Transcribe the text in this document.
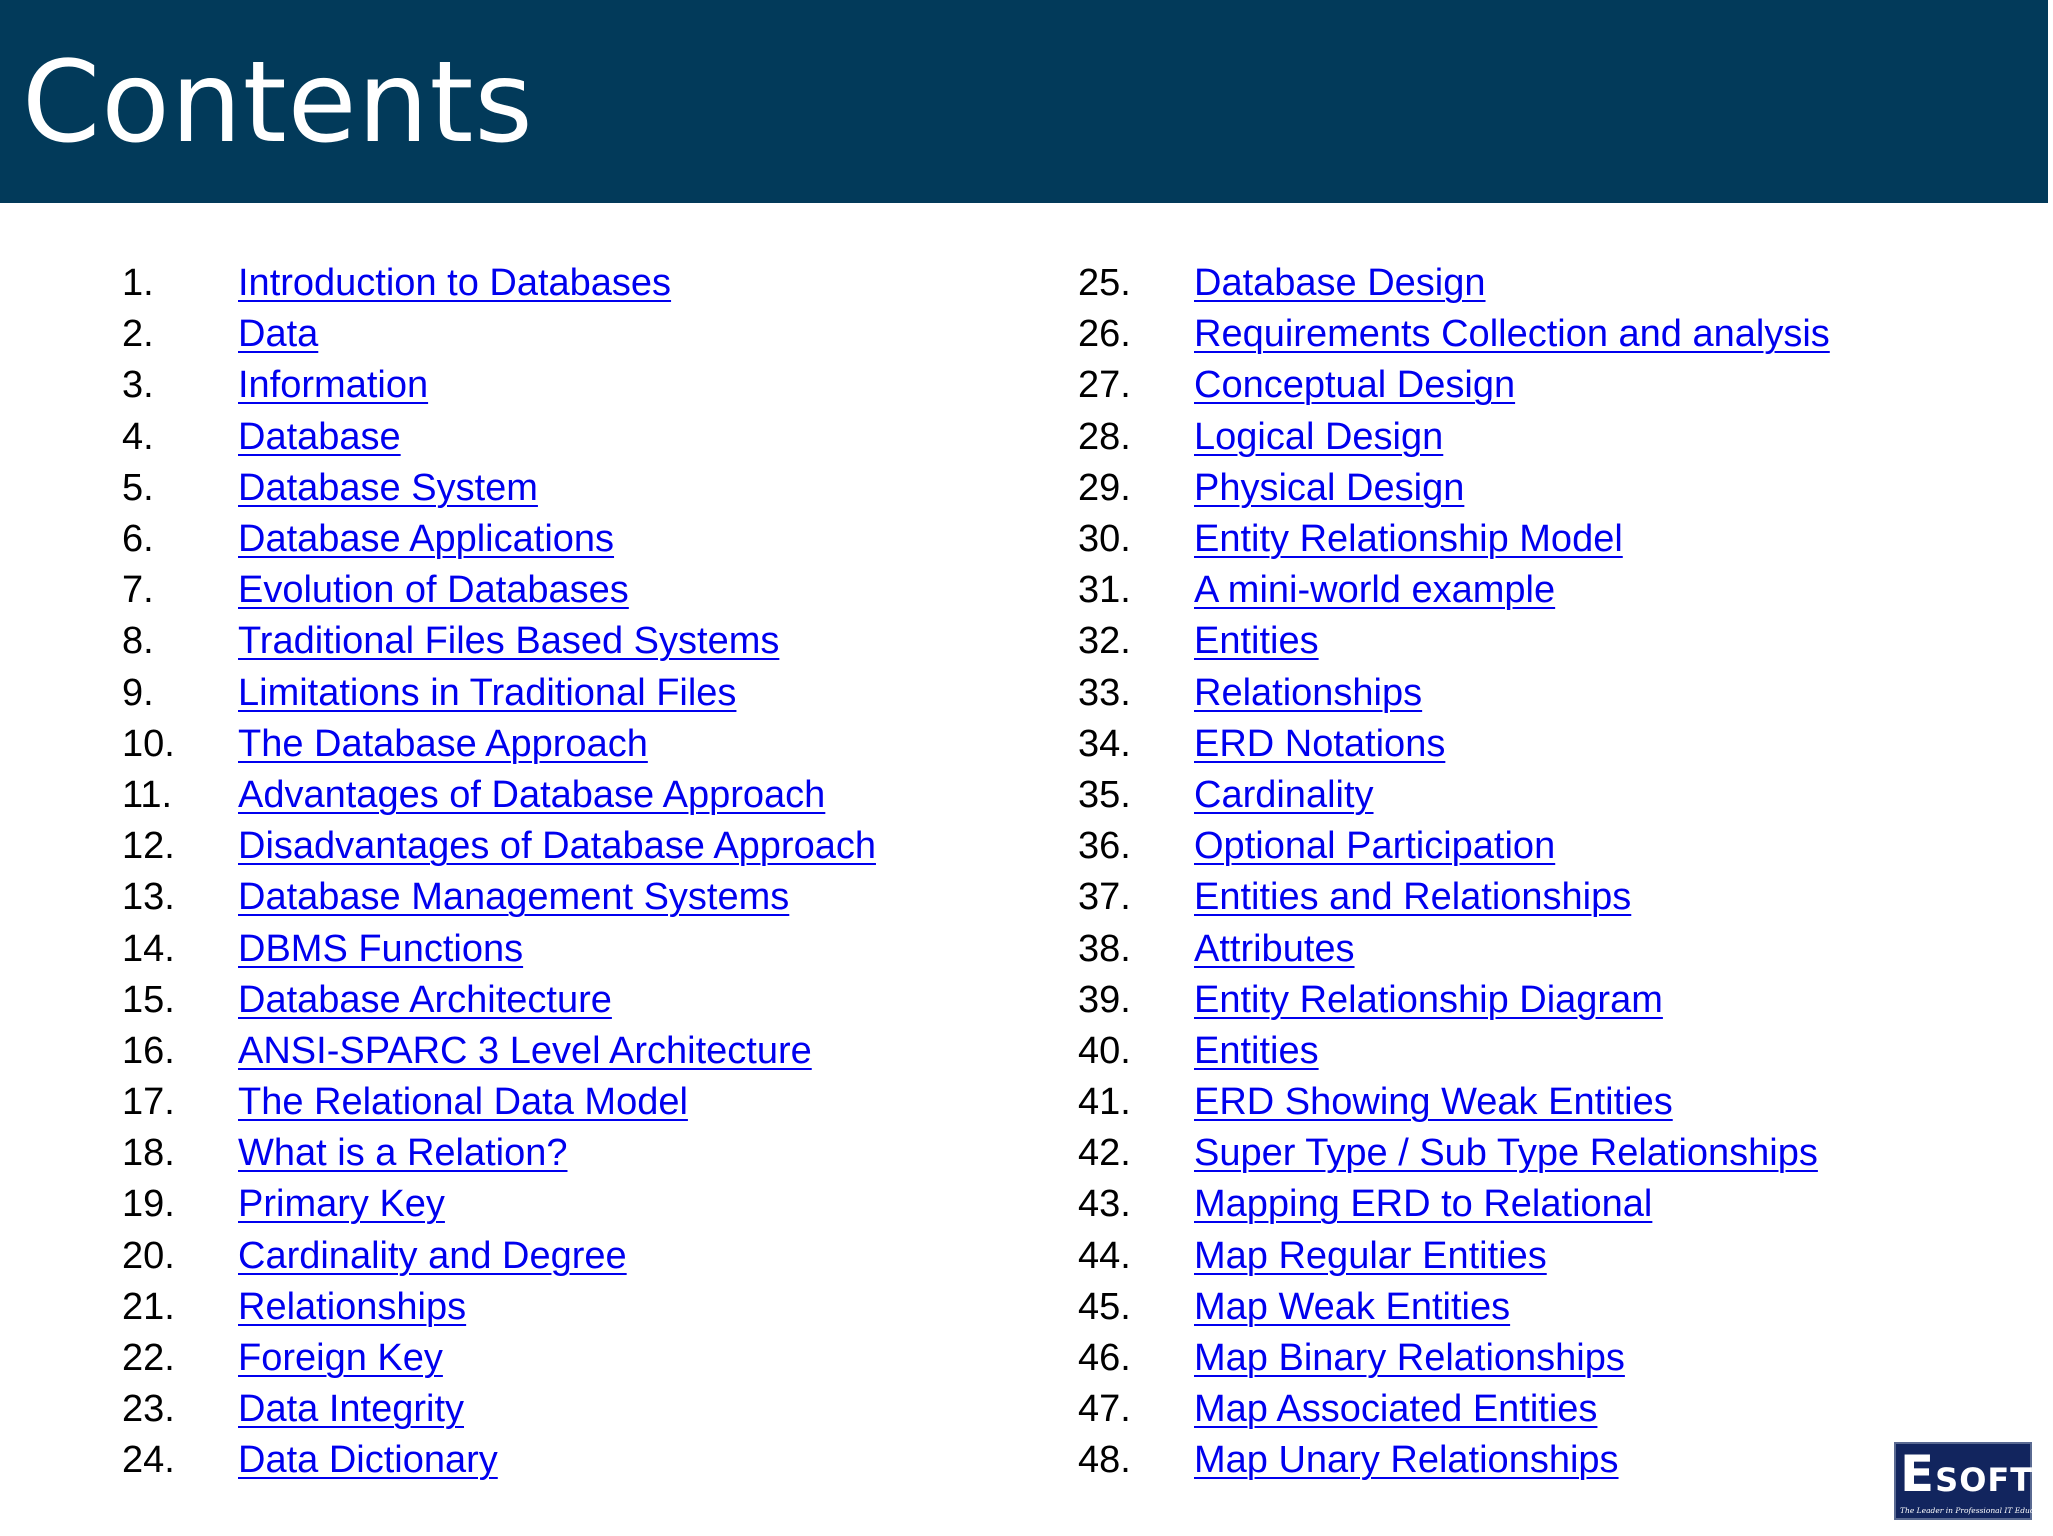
Contents
1.	Introduction to Databases
2.	Data
3.	Information
4.	Database
5.	Database System
6.	Database Applications
7.	Evolution of Databases
8.	Traditional Files Based Systems
9.	Limitations in Traditional Files
10.	The Database Approach
11.	Advantages of Database Approach
12.	Disadvantages of Database Approach
13.	Database Management Systems
14.	DBMS Functions
15.	Database Architecture
16.	ANSI-SPARC 3 Level Architecture
17.	The Relational Data Model
18.	What is a Relation?
19.	Primary Key
20.	Cardinality and Degree
21.	Relationships
22.	Foreign Key
23.	Data Integrity
24.	Data Dictionary
25.	Database Design
26.	Requirements Collection and analysis
27.	Conceptual Design
28.	Logical Design
29.	Physical Design
30.	Entity Relationship Model
31.	A mini-world example
32.	Entities
33.	Relationships
34.	ERD Notations
35.	Cardinality
36.	Optional Participation
37.	Entities and Relationships
38.	Attributes
39.	Entity Relationship Diagram
40.	Entities
41.	ERD Showing Weak Entities
42.	Super Type / Sub Type Relationships
43.	Mapping ERD to Relational
44.	Map Regular Entities
45.	Map Weak Entities
46.	Map Binary Relationships
47.	Map Associated Entities
48.	Map Unary Relationships	ESOFT
The Leader in Professional IT Education
